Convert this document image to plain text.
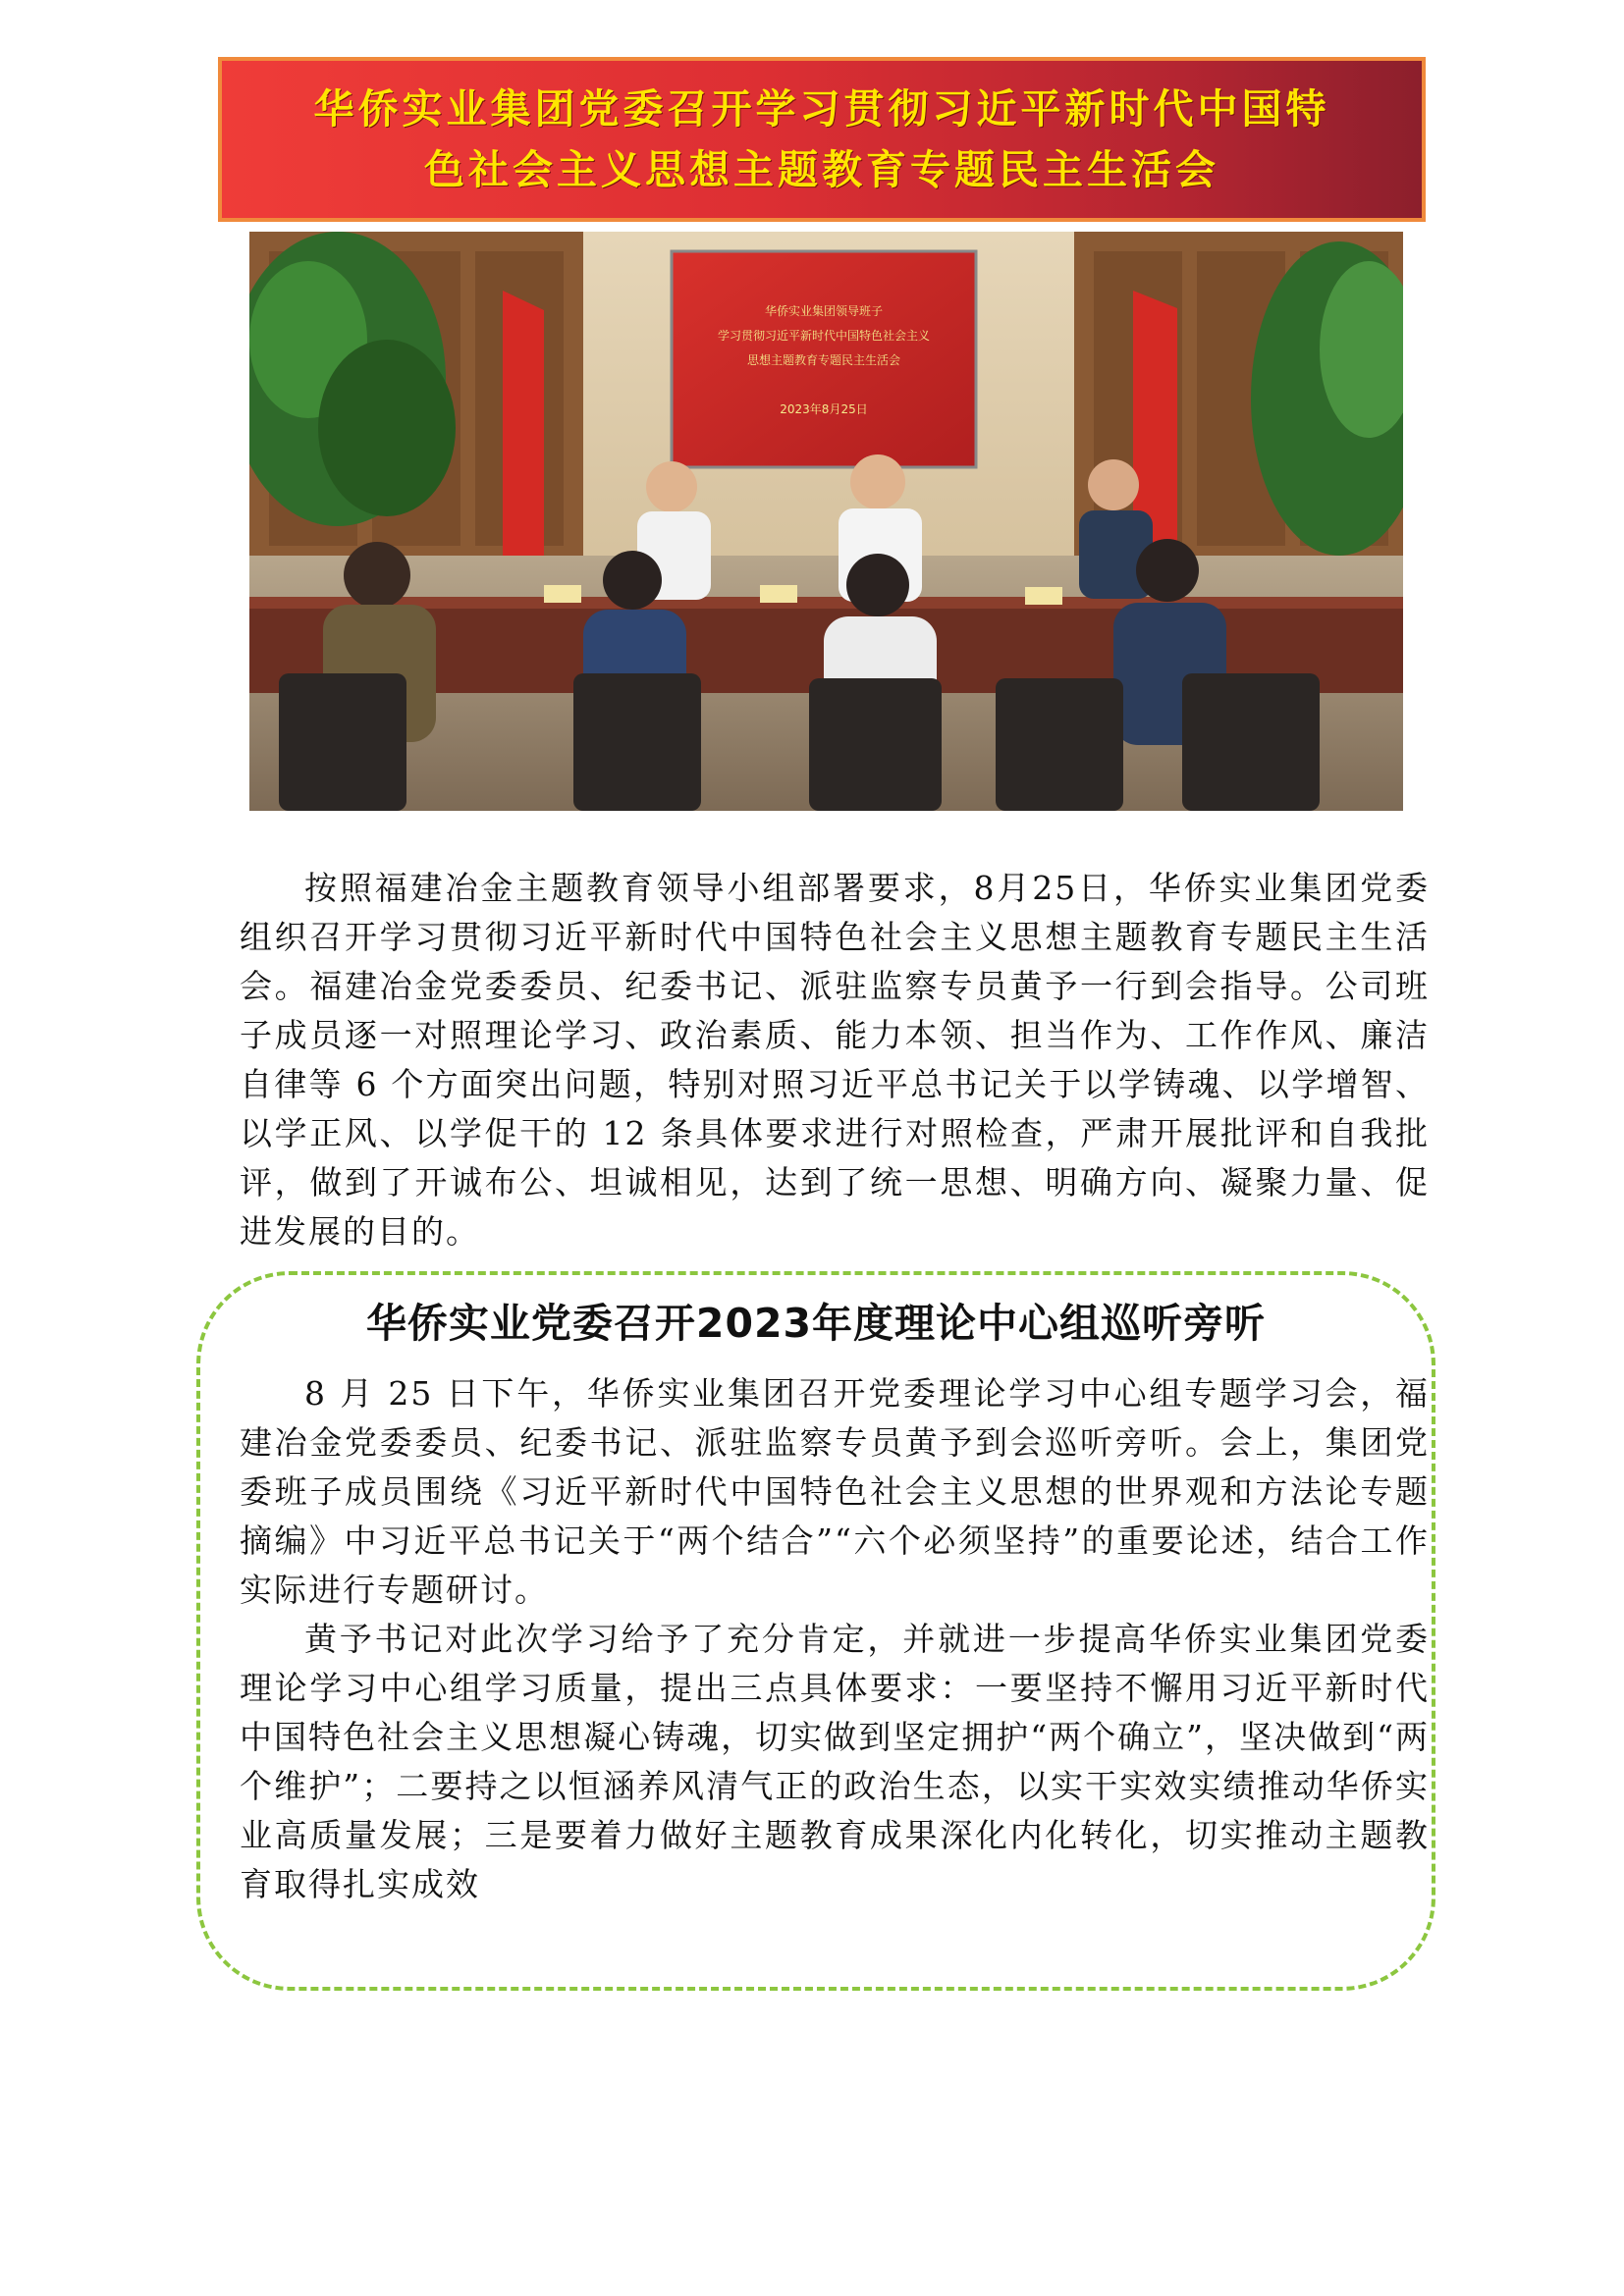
华侨实业集团党委召开学习贯彻习近平新时代中国特
色社会主义思想主题教育专题民主生活会
华侨实业集团领导班子
学习贯彻习近平新时代中国特色社会主义
思想主题教育专题民主生活会
2023年8月25日

按照福建冶金主题教育领导小组部署要求，8月25日，华侨实业集团党委组织召开学习贯彻习近平新时代中国特色社会主义思想主题教育专题民主生活会。福建冶金党委委员、纪委书记、派驻监察专员黄予一行到会指导。公司班子成员逐一对照理论学习、政治素质、能力本领、担当作为、工作作风、廉洁自律等 6 个方面突出问题，特别对照习近平总书记关于以学铸魂、以学增智、以学正风、以学促干的 12 条具体要求进行对照检查，严肃开展批评和自我批评，做到了开诚布公、坦诚相见，达到了统一思想、明确方向、凝聚力量、促进发展的目的。

华侨实业党委召开2023年度理论中心组巡听旁听

8 月 25 日下午，华侨实业集团召开党委理论学习中心组专题学习会，福建冶金党委委员、纪委书记、派驻监察专员黄予到会巡听旁听。会上，集团党委班子成员围绕《习近平新时代中国特色社会主义思想的世界观和方法论专题摘编》中习近平总书记关于“两个结合”“六个必须坚持”的重要论述，结合工作实际进行专题研讨。

黄予书记对此次学习给予了充分肯定，并就进一步提高华侨实业集团党委理论学习中心组学习质量，提出三点具体要求：一要坚持不懈用习近平新时代中国特色社会主义思想凝心铸魂，切实做到坚定拥护“两个确立”，坚决做到“两个维护”；二要持之以恒涵养风清气正的政治生态，以实干实效实绩推动华侨实业高质量发展；三是要着力做好主题教育成果深化内化转化，切实推动主题教育取得扎实成效
